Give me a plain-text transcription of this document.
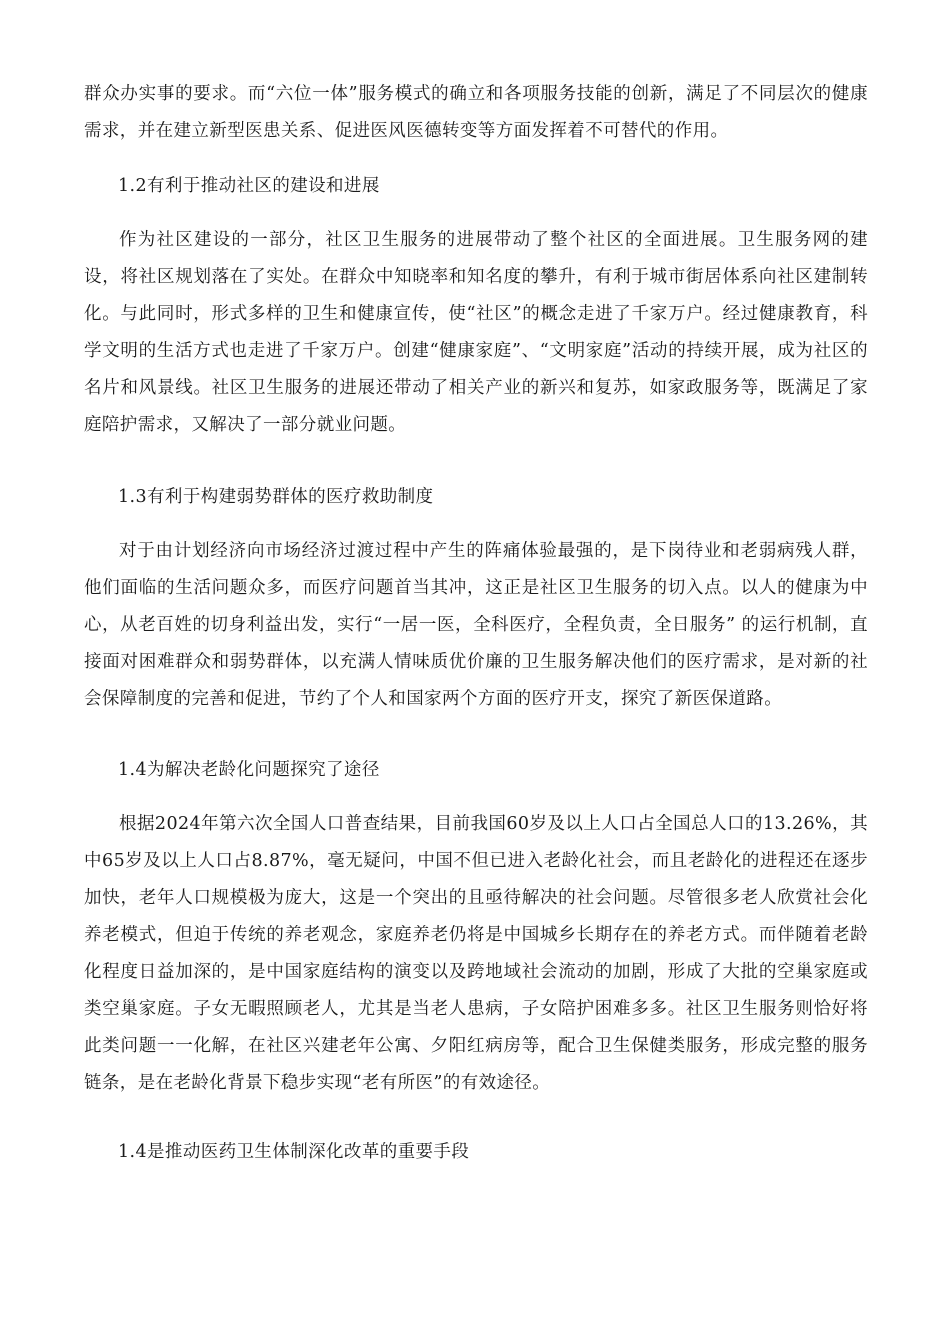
群众办实事的要求。而“六位一体”服务模式的确立和各项服务技能的创新，满足了不同层次的健康需求，并在建立新型医患关系、促进医风医德转变等方面发挥着不可替代的作用。

1.2有利于推动社区的建设和进展

作为社区建设的一部分，社区卫生服务的进展带动了整个社区的全面进展。卫生服务网的建设，将社区规划落在了实处。在群众中知晓率和知名度的攀升，有利于城市街居体系向社区建制转化。与此同时，形式多样的卫生和健康宣传，使“社区”的概念走进了千家万户。经过健康教育，科学文明的生活方式也走进了千家万户。创建“健康家庭”、“文明家庭”活动的持续开展，成为社区的名片和风景线。社区卫生服务的进展还带动了相关产业的新兴和复苏，如家政服务等，既满足了家庭陪护需求，又解决了一部分就业问题。

1.3有利于构建弱势群体的医疗救助制度

对于由计划经济向市场经济过渡过程中产生的阵痛体验最强的，是下岗待业和老弱病残人群，他们面临的生活问题众多，而医疗问题首当其冲，这正是社区卫生服务的切入点。以人的健康为中心，从老百姓的切身利益出发，实行“一居一医，全科医疗，全程负责，全日服务” 的运行机制，直接面对困难群众和弱势群体，以充满人情味质优价廉的卫生服务解决他们的医疗需求，是对新的社会保障制度的完善和促进，节约了个人和国家两个方面的医疗开支，探究了新医保道路。

1.4为解决老龄化问题探究了途径

根据2024年第六次全国人口普查结果，目前我国60岁及以上人口占全国总人口的13.26%，其中65岁及以上人口占8.87%，毫无疑问，中国不但已进入老龄化社会，而且老龄化的进程还在逐步加快，老年人口规模极为庞大，这是一个突出的且亟待解决的社会问题。尽管很多老人欣赏社会化养老模式，但迫于传统的养老观念，家庭养老仍将是中国城乡长期存在的养老方式。而伴随着老龄化程度日益加深的，是中国家庭结构的演变以及跨地域社会流动的加剧，形成了大批的空巢家庭或类空巢家庭。子女无暇照顾老人，尤其是当老人患病，子女陪护困难多多。社区卫生服务则恰好将此类问题一一化解，在社区兴建老年公寓、夕阳红病房等，配合卫生保健类服务，形成完整的服务链条，是在老龄化背景下稳步实现“老有所医”的有效途径。

1.4是推动医药卫生体制深化改革的重要手段
